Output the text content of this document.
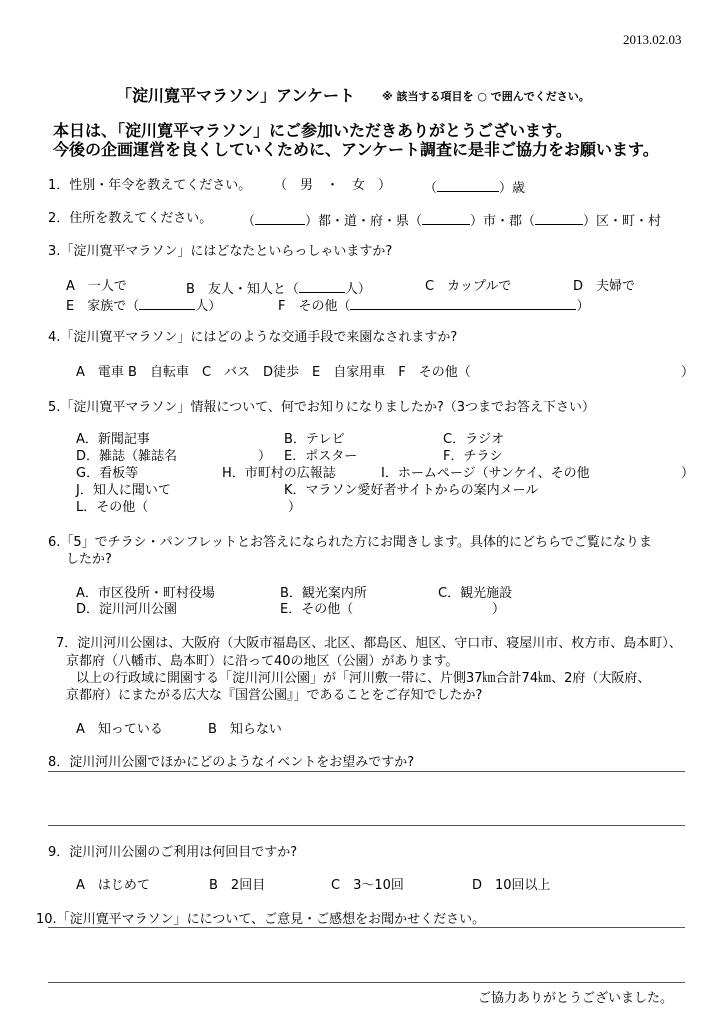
2013.02.03
「淀川寛平マラソン」アンケート ※ 該当する項目を ○ で囲んでください。
本日は、「淀川寛平マラソン」にご参加いただきありがとうございます。
今後の企画運営を良くしていくために、アンケート調査に是非ご協力をお願います。
1．性別・年令を教えてください。 （　男　・　女　）	（	）歳
2．住所を教えてください。 （	）都・道・府・県（	）市・郡（	）区・町・村
3.「淀川寛平マラソン」にはどなたといらっしゃいますか?
A　一人で	B　友人・知人と（	人）	C　カップルで	D　夫婦で
E　家族で（	人）	F　その他（	）
4.「淀川寛平マラソン」にはどのような交通手段で来園なされますか?
A　電車 B　自転車　C　バス　D徒歩　E　自家用車　F　その他（	）
5.「淀川寛平マラソン」情報について、何でお知りになりましたか?（3つまでお答え下さい）
A．新聞記事	B．テレビ	C．ラジオ
D．雑誌（雑誌名	） E．ポスター	F．チラシ
G．看板等	H．市町村の広報誌	I．ホームページ（サンケイ、その他	）
J．知人に聞いて	K．マラソン愛好者サイトからの案内メール
L．その他（	）
6.「5」でチラシ・パンフレットとお答えになられた方にお聞きします。具体的にどちらでご覧になりま
したか?
A．市区役所・町村役場	B．観光案内所	C．観光施設
D．淀川河川公園	E．その他（	）
7．淀川河川公園は、大阪府（大阪市福島区、北区、都島区、旭区、守口市、寝屋川市、枚方市、島本町）、
京都府（八幡市、島本町）に沿って40の地区（公園）があります。
以上の行政域に開園する「淀川河川公園」が「河川敷一帯に、片側37㎞合計74㎞、2府（大阪府、
京都府）にまたがる広大な『国営公園』」であることをご存知でしたか?
A　知っている	B　知らない
8．淀川河川公園でほかにどのようなイベントをお望みですか?
9．淀川河川公園のご利用は何回目ですか?
A　はじめて	B　2回目	C　3〜10回	D　10回以上
10.「淀川寛平マラソン」にについて、ご意見・ご感想をお聞かせください。
ご協力ありがとうございました。
